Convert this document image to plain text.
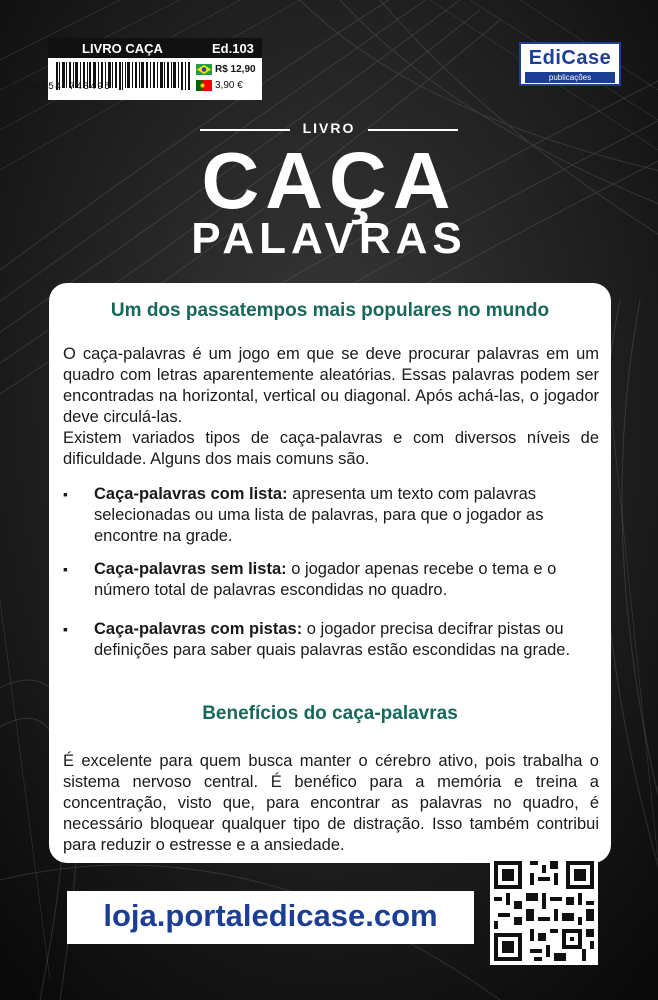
LIVRO CAÇA	Ed.103
R$ 12,90
3,90 €
9 786554 743495
EdiCase
publicações
LIVRO
CAÇA
PALAVRAS
Um dos passatempos mais populares no mundo
O caça-palavras é um jogo em que se deve procurar palavras em um quadro com letras aparentemente aleatórias. Essas palavras podem ser encontradas na horizontal, vertical ou diagonal. Após achá-las, o jogador deve circulá-las.
Existem variados tipos de caça-palavras e com diversos níveis de dificuldade. Alguns dos mais comuns são.
▪ Caça-palavras com lista: apresenta um texto com palavras selecionadas ou uma lista de palavras, para que o jogador as encontre na grade.
▪ Caça-palavras sem lista: o jogador apenas recebe o tema e o número total de palavras escondidas no quadro.
▪ Caça-palavras com pistas: o jogador precisa decifrar pistas ou definições para saber quais palavras estão escondidas na grade.
Benefícios do caça-palavras
É excelente para quem busca manter o cérebro ativo, pois trabalha o sistema nervoso central. É benéfico para a memória e treina a concentração, visto que, para encontrar as palavras no quadro, é necessário bloquear qualquer tipo de distração. Isso também contribui para reduzir o estresse e a ansiedade.
loja.portaledicase.com
